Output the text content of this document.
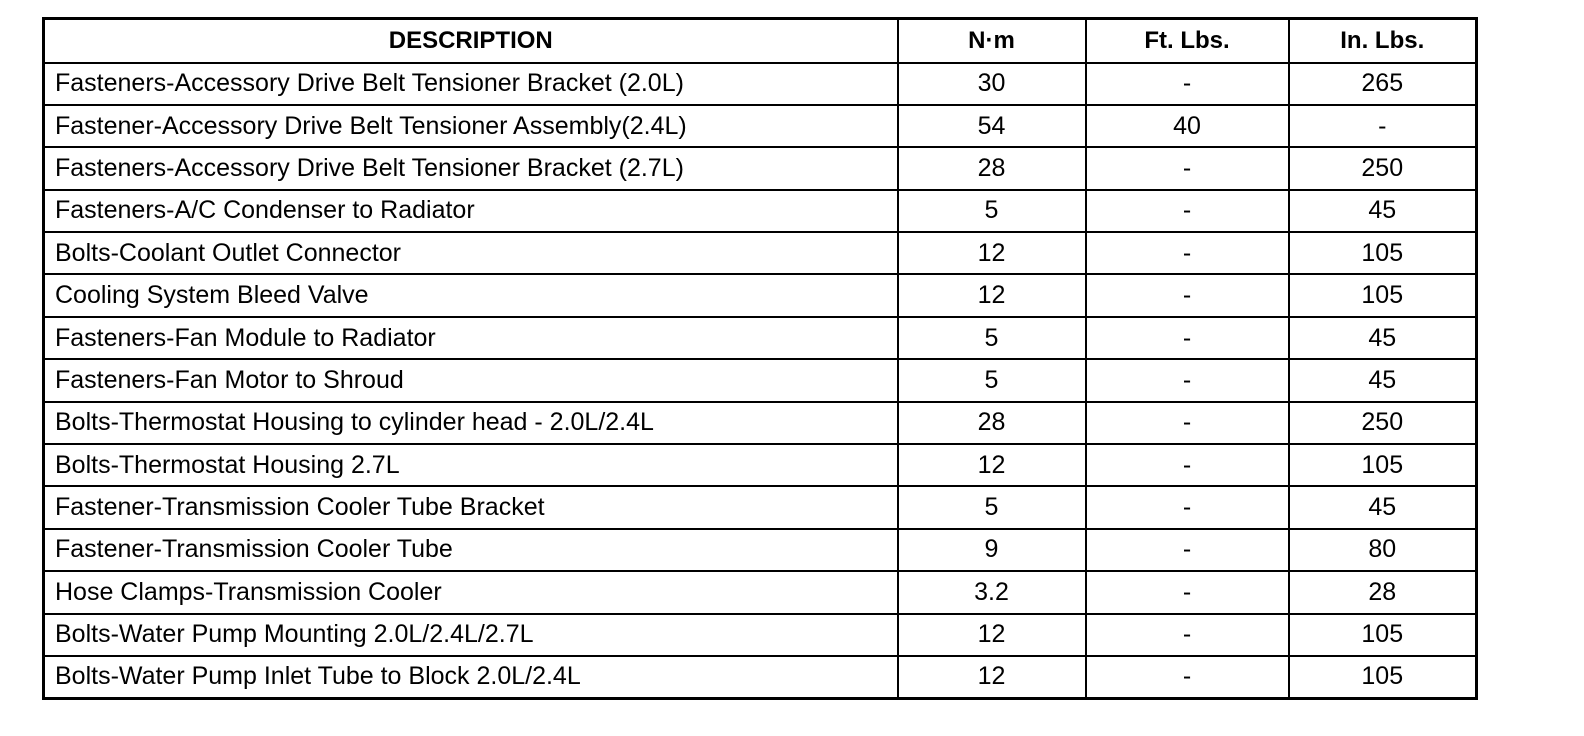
DESCRIPTION	N·m	Ft. Lbs.	In. Lbs.
Fasteners-Accessory Drive Belt Tensioner Bracket (2.0L)	30	-	265
Fastener-Accessory Drive Belt Tensioner Assembly(2.4L)	54	40	-
Fasteners-Accessory Drive Belt Tensioner Bracket (2.7L)	28	-	250
Fasteners-A/C Condenser to Radiator	5	-	45
Bolts-Coolant Outlet Connector	12	-	105
Cooling System Bleed Valve	12	-	105
Fasteners-Fan Module to Radiator	5	-	45
Fasteners-Fan Motor to Shroud	5	-	45
Bolts-Thermostat Housing to cylinder head - 2.0L/2.4L	28	-	250
Bolts-Thermostat Housing 2.7L	12	-	105
Fastener-Transmission Cooler Tube Bracket	5	-	45
Fastener-Transmission Cooler Tube	9	-	80
Hose Clamps-Transmission Cooler	3.2	-	28
Bolts-Water Pump Mounting 2.0L/2.4L/2.7L	12	-	105
Bolts-Water Pump Inlet Tube to Block 2.0L/2.4L	12	-	105
